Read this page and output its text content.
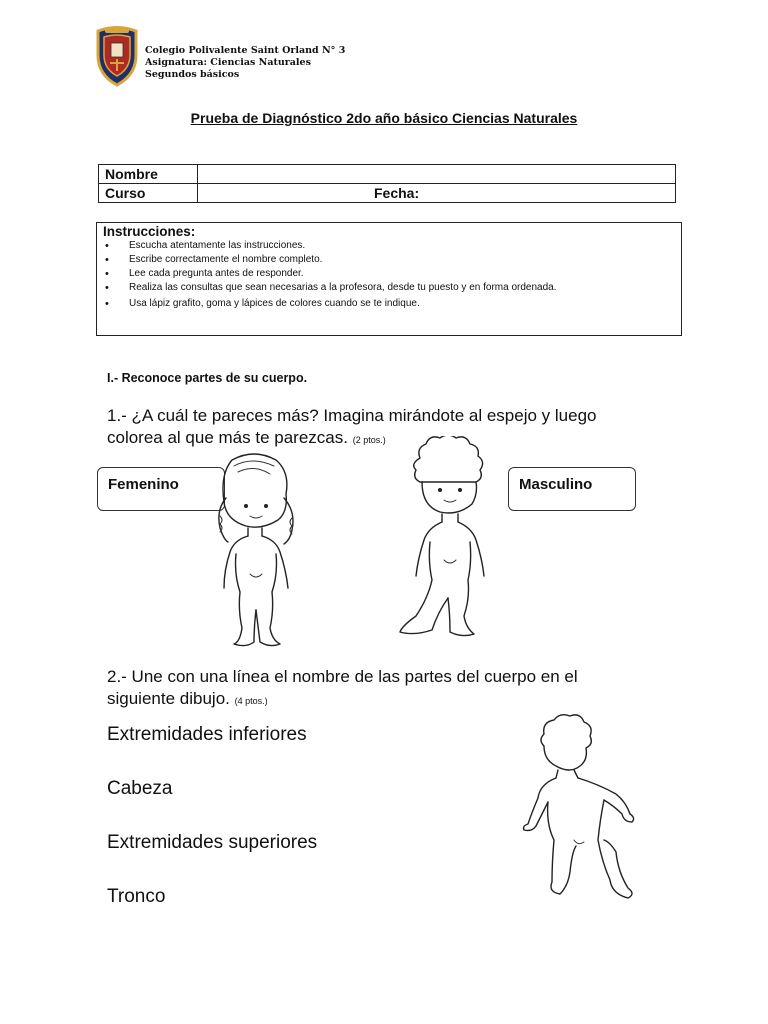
Colegio Polivalente Saint Orland N° 3
Asignatura: Ciencias Naturales
Segundos básicos
Prueba de Diagnóstico 2do año básico Ciencias Naturales
Nombre	
Curso	Fecha:
Instrucciones:
• Escucha atentamente las instrucciones.
• Escribe correctamente el nombre completo.
• Lee cada pregunta antes de responder.
• Realiza las consultas que sean necesarias a la profesora, desde tu puesto y en forma ordenada.
• Usa lápiz grafito, goma y lápices de colores cuando se te indique.
I.- Reconoce partes de su cuerpo.
1.- ¿A cuál te pareces más? Imagina mirándote al espejo y luego
colorea al que más te parezcas. (2 ptos.)
Femenino	Masculino
2.- Une con una línea el nombre de las partes del cuerpo en el
siguiente dibujo. (4 ptos.)
Extremidades inferiores
Cabeza
Extremidades superiores
Tronco
